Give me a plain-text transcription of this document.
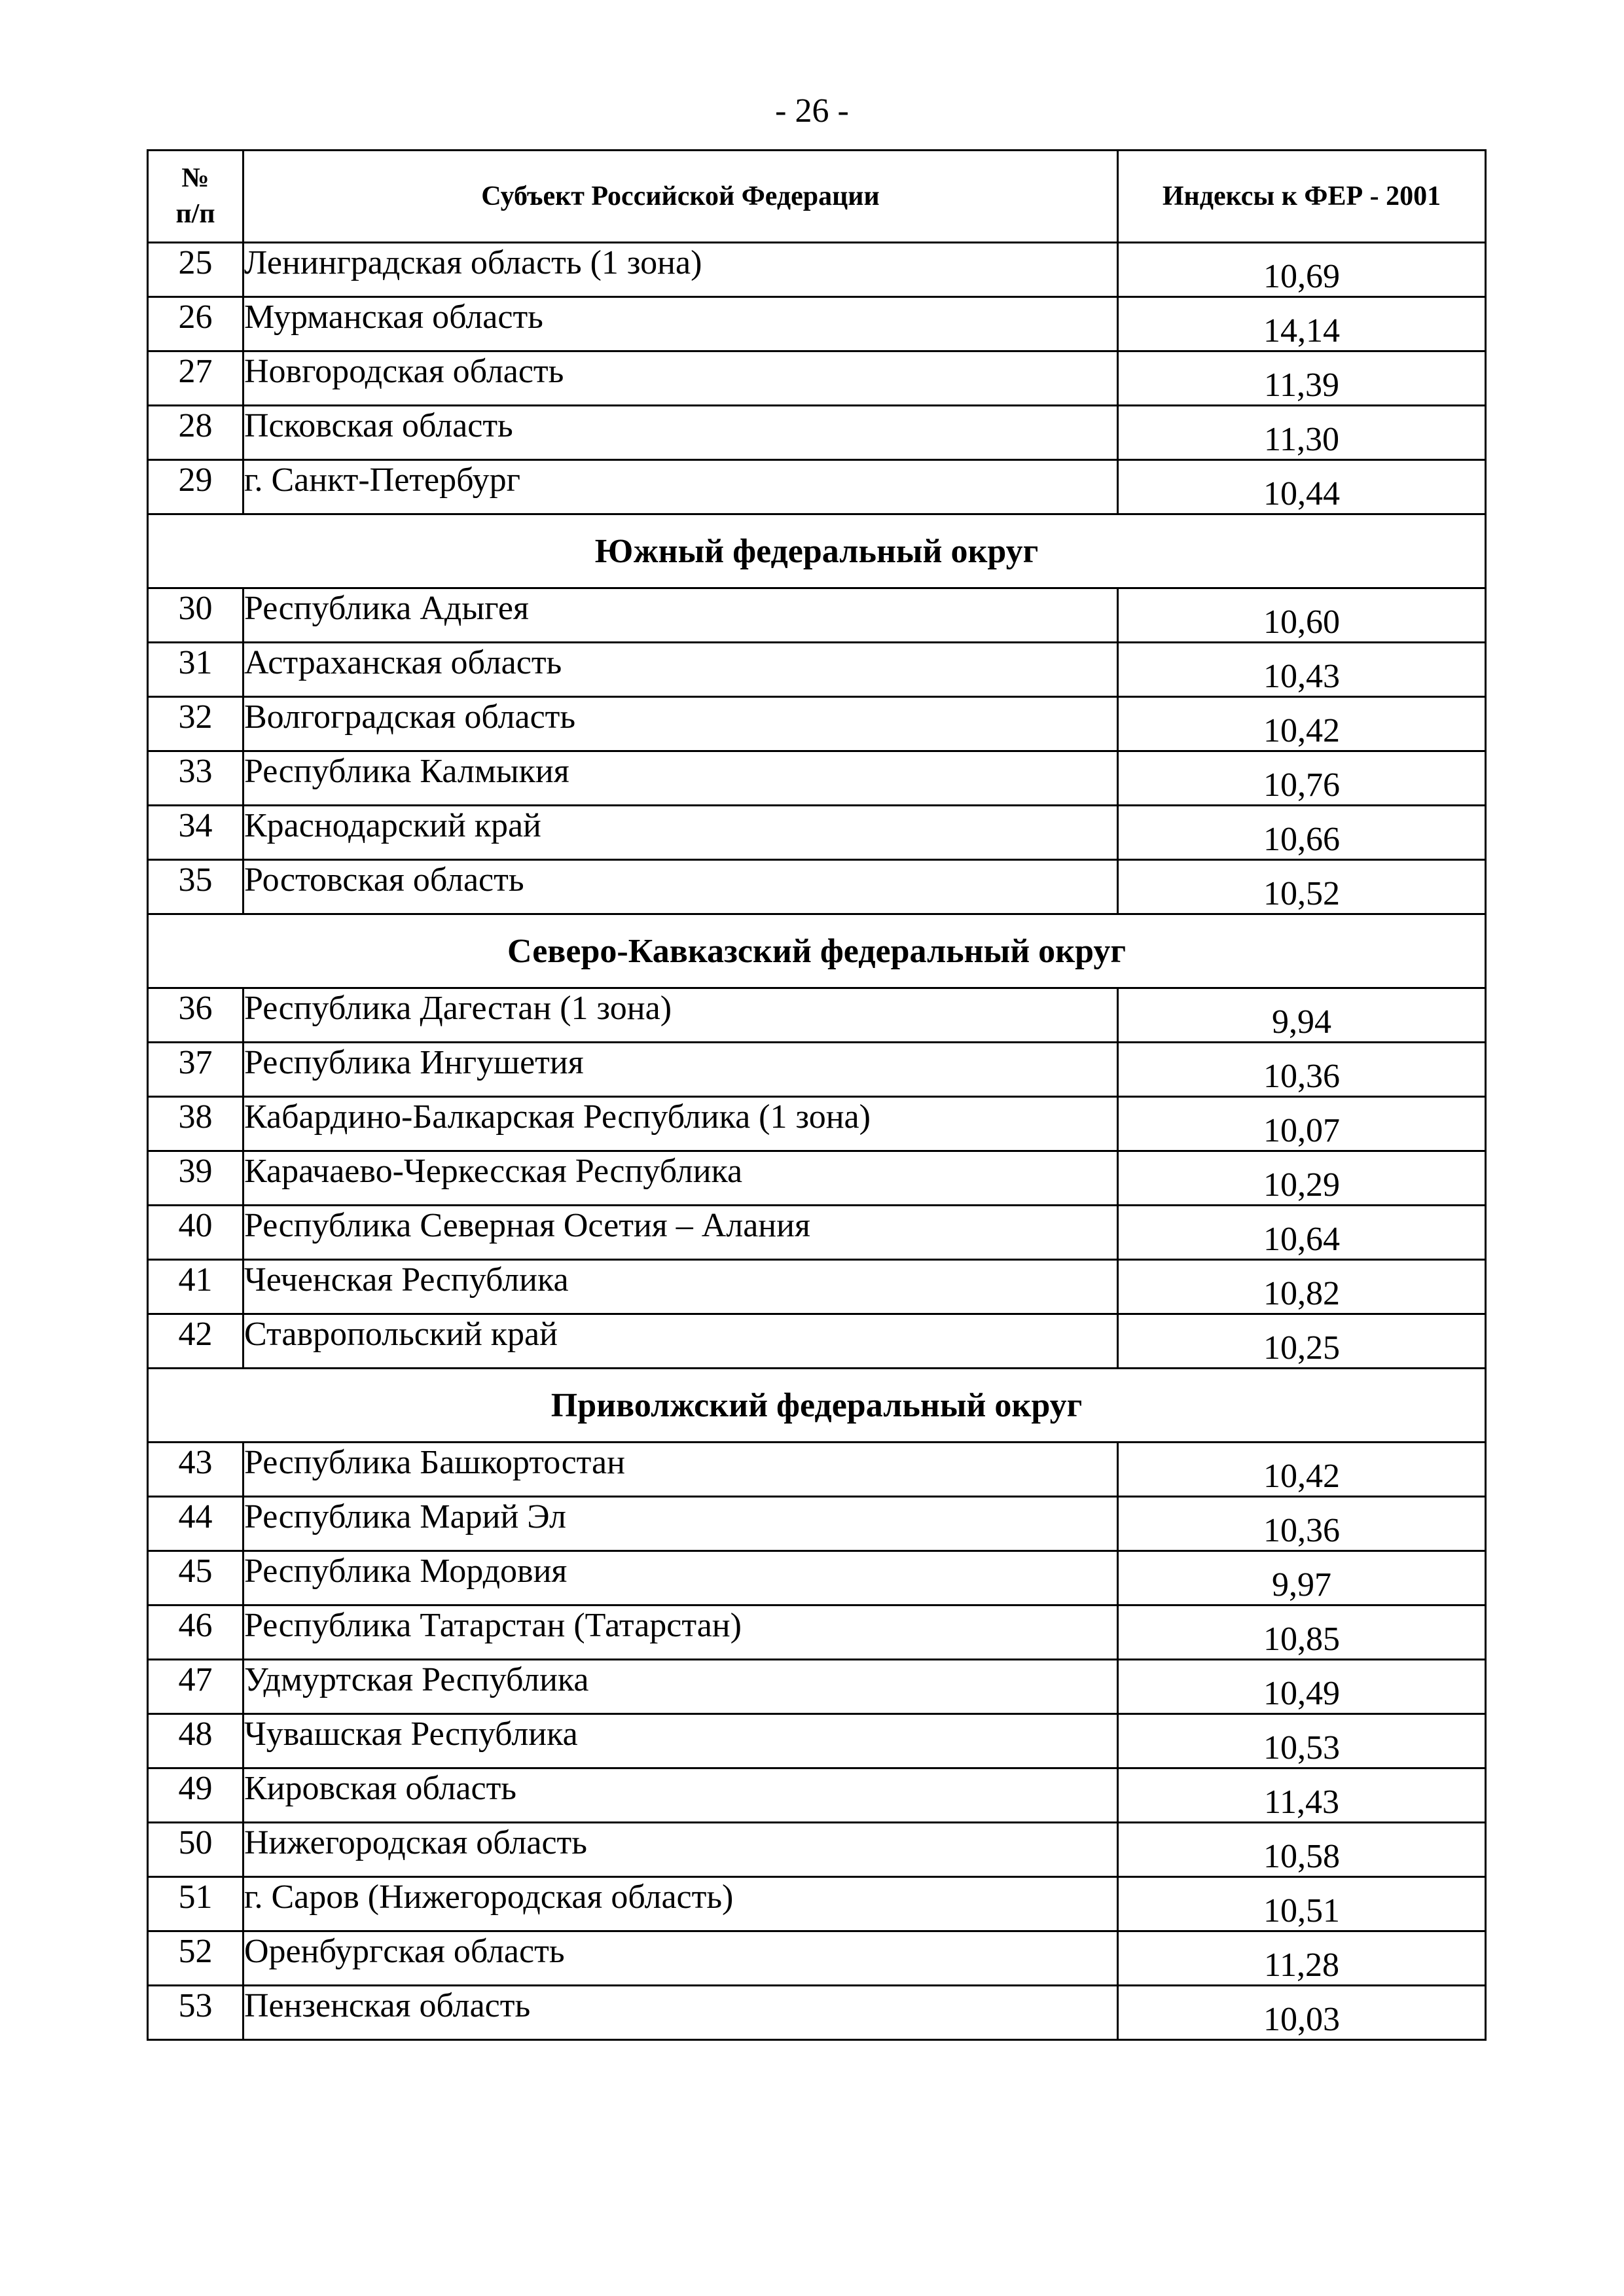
- 26 -
№
п/п	Субъект Российской Федерации	Индексы к ФЕР - 2001
25	Ленинградская область (1 зона)	10,69
26	Мурманская область	14,14
27	Новгородская область	11,39
28	Псковская область	11,30
29	г. Санкт-Петербург	10,44
Южный федеральный округ		
30	Республика Адыгея	10,60
31	Астраханская область	10,43
32	Волгоградская область	10,42
33	Республика Калмыкия	10,76
34	Краснодарский край	10,66
35	Ростовская область	10,52
Северо-Кавказский федеральный округ		
36	Республика Дагестан (1 зона)	9,94
37	Республика Ингушетия	10,36
38	Кабардино-Балкарская Республика (1 зона)	10,07
39	Карачаево-Черкесская Республика	10,29
40	Республика Северная Осетия – Алания	10,64
41	Чеченская Республика	10,82
42	Ставропольский край	10,25
Приволжский федеральный округ		
43	Республика Башкортостан	10,42
44	Республика Марий Эл	10,36
45	Республика Мордовия	9,97
46	Республика Татарстан (Татарстан)	10,85
47	Удмуртская Республика	10,49
48	Чувашская Республика	10,53
49	Кировская область	11,43
50	Нижегородская область	10,58
51	г. Саров (Нижегородская область)	10,51
52	Оренбургская область	11,28
53	Пензенская область	10,03
